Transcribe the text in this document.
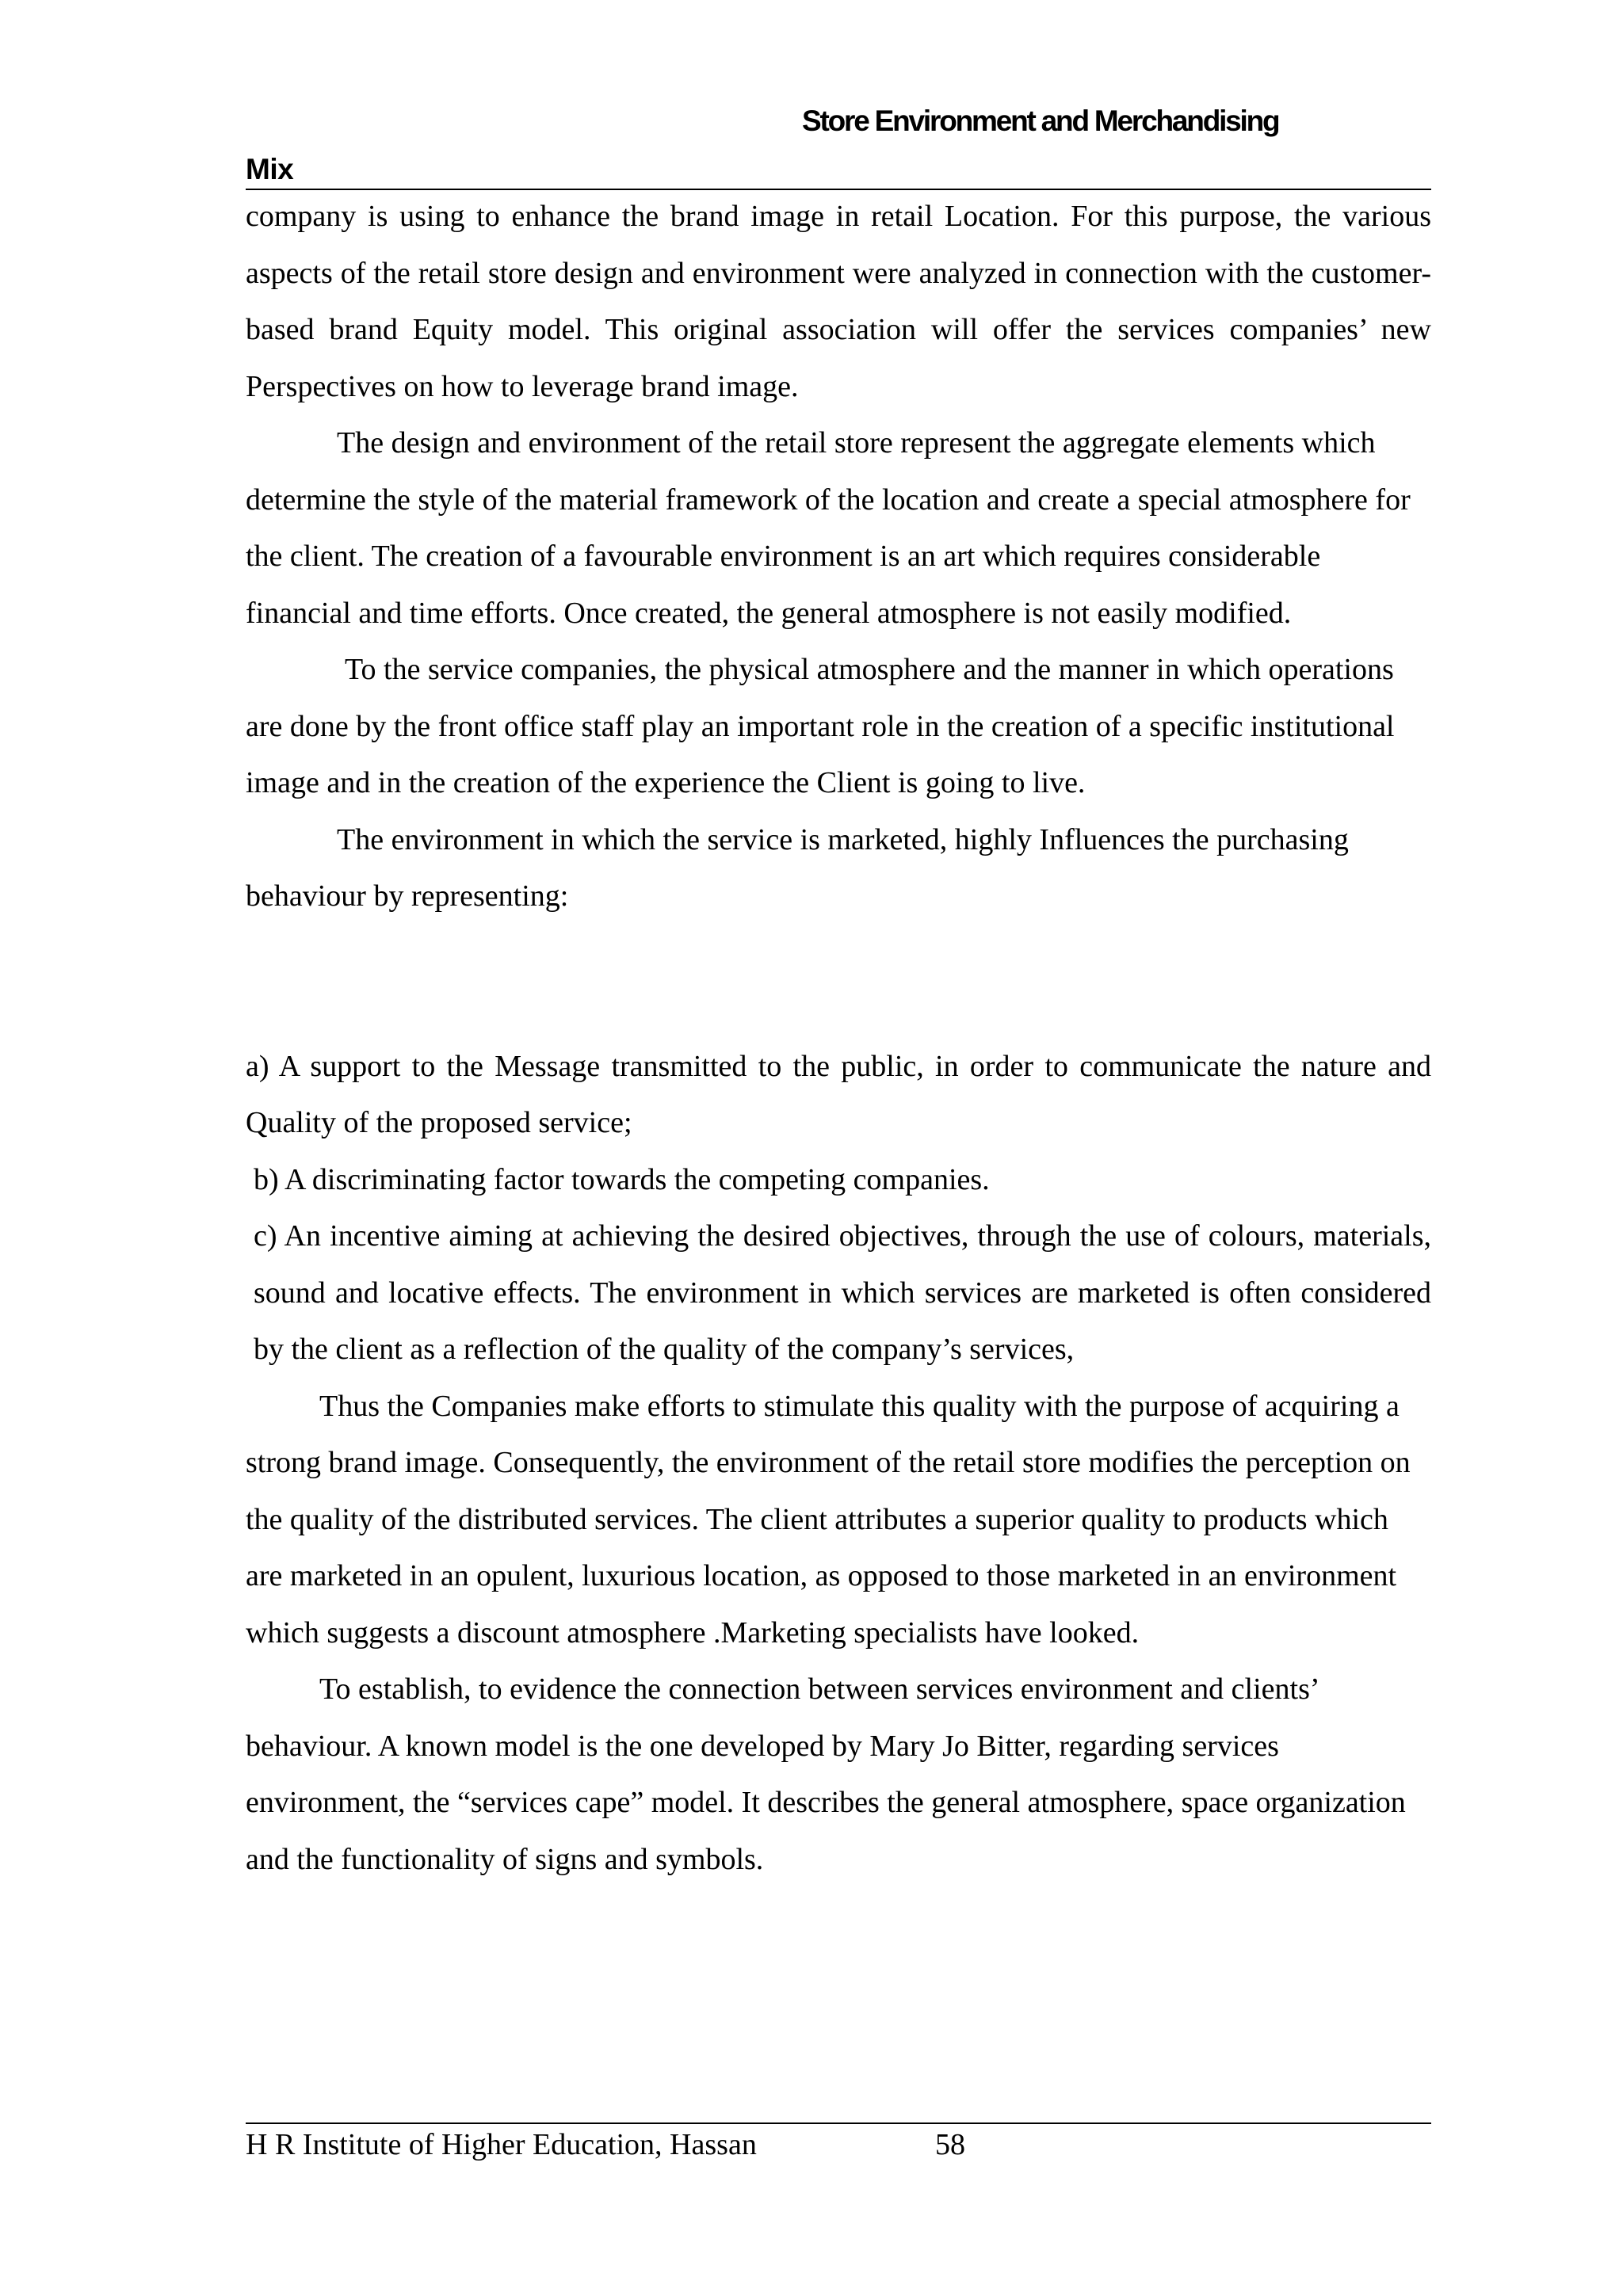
Store Environment and Merchandising
Mix

company is using to enhance the brand image in retail Location. For this purpose, the various aspects of the retail store design and environment were analyzed in connection with the customer-based brand Equity model. This original association will offer the services companies’ new Perspectives on how to leverage brand image.

The design and environment of the retail store represent the aggregate elements which determine the style of the material framework of the location and create a special atmosphere for the client. The creation of a favourable environment is an art which requires considerable financial and time efforts. Once created, the general atmosphere is not easily modified.

To the service companies, the physical atmosphere and the manner in which operations are done by the front office staff play an important role in the creation of a specific institutional image and in the creation of the experience the Client is going to live.

The environment in which the service is marketed, highly Influences the purchasing behaviour by representing:

a) A support to the Message transmitted to the public, in order to communicate the nature and Quality of the proposed service;

b) A discriminating factor towards the competing companies.

c) An incentive aiming at achieving the desired objectives, through the use of colours, materials, sound and locative effects. The environment in which services are marketed is often considered by the client as a reflection of the quality of the company’s services,

Thus the Companies make efforts to stimulate this quality with the purpose of acquiring a strong brand image. Consequently, the environment of the retail store modifies the perception on the quality of the distributed services. The client attributes a superior quality to products which are marketed in an opulent, luxurious location, as opposed to those marketed in an environment which suggests a discount atmosphere .Marketing specialists have looked.

To establish, to evidence the connection between services environment and clients’ behaviour. A known model is the one developed by Mary Jo Bitter, regarding services environment, the “services cape” model. It describes the general atmosphere, space organization and the functionality of signs and symbols.

H R Institute of Higher Education, Hassan	58
